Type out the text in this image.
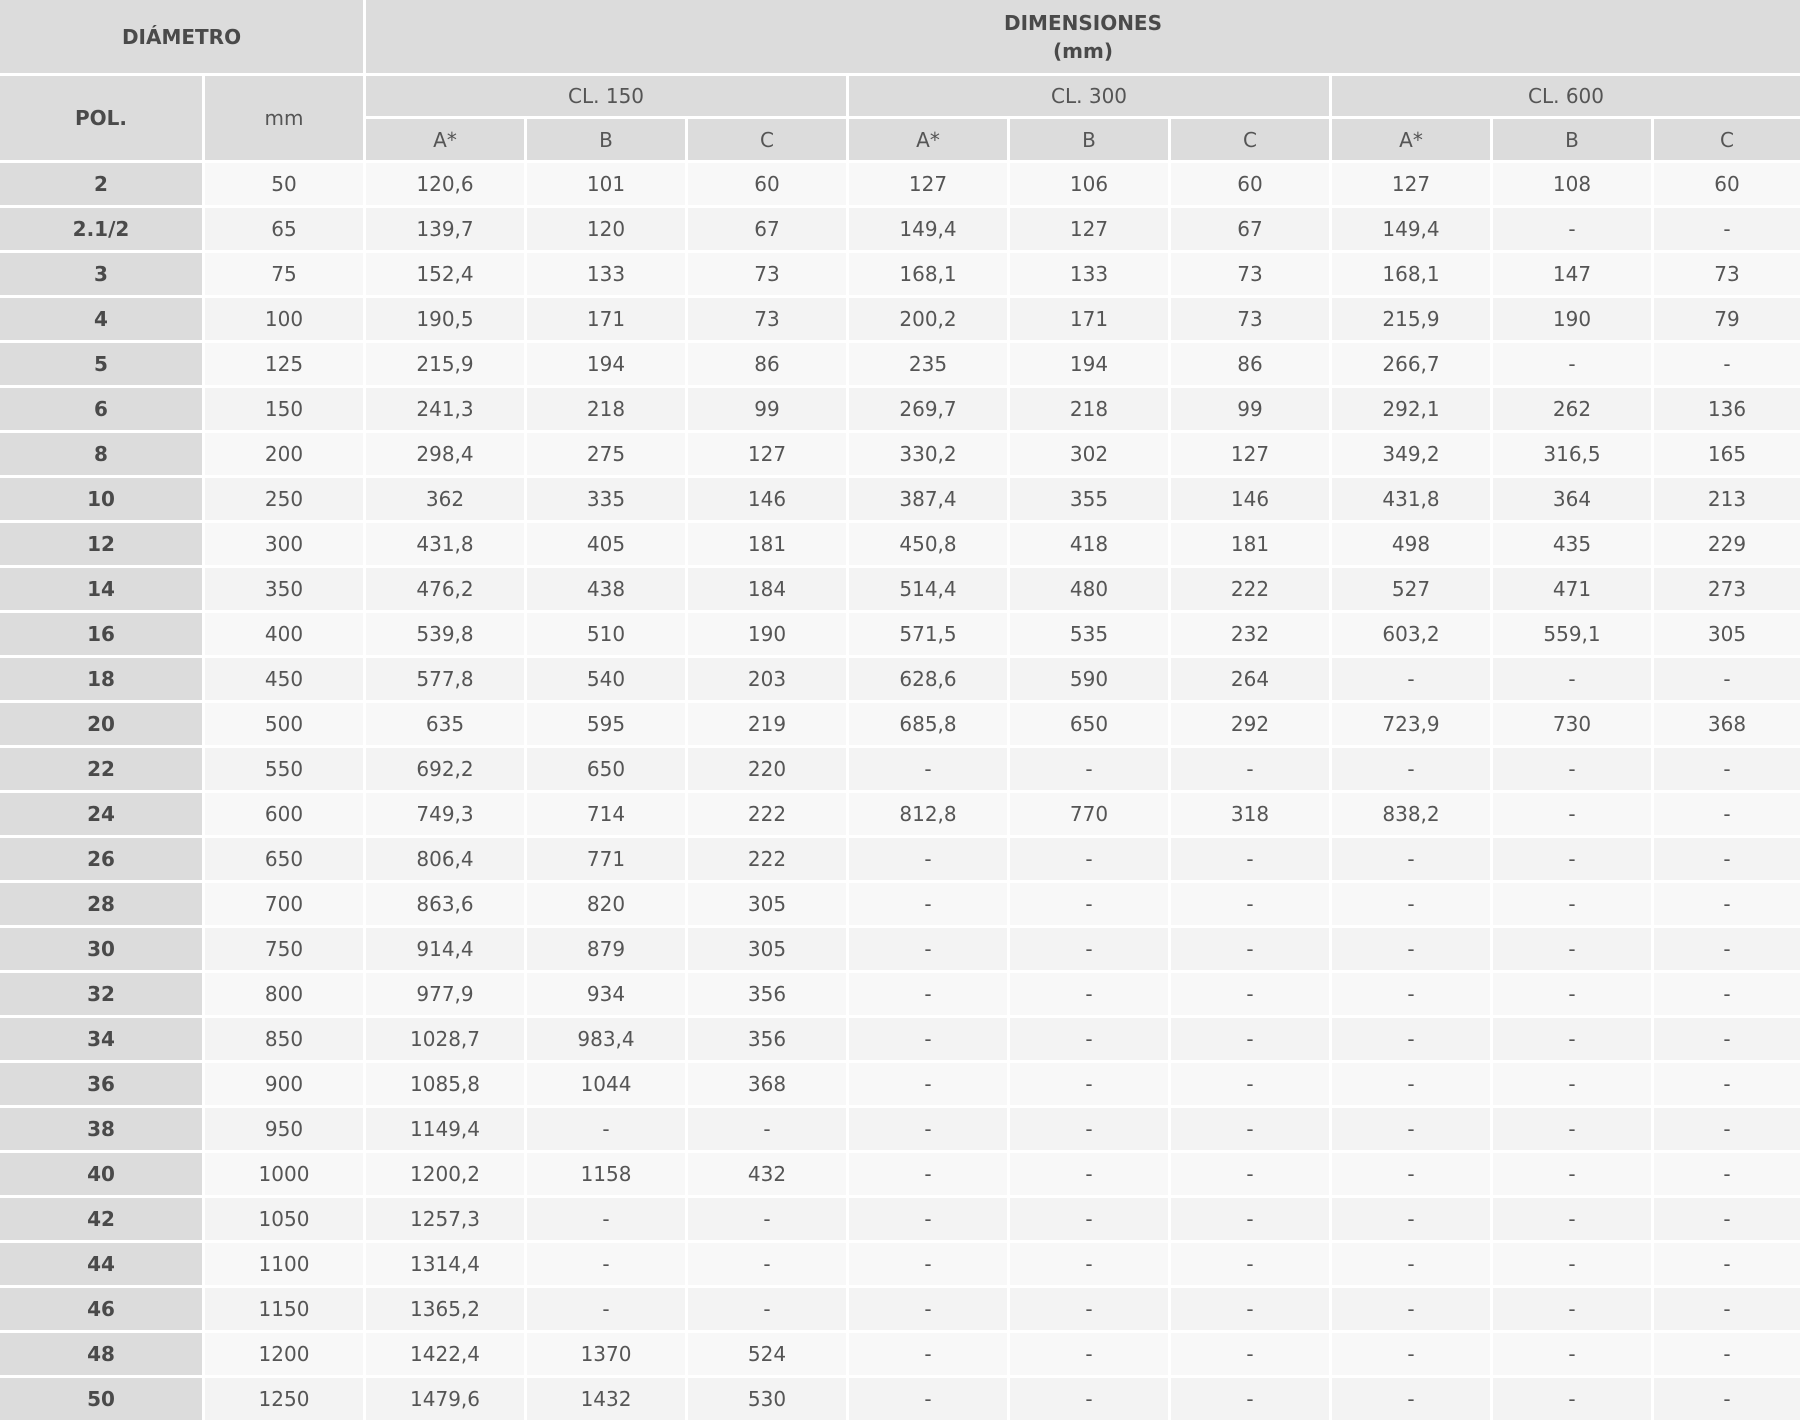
DIÁMETRO		DIMENSIONES
(mm)								
POL.	mm	CL. 150			CL. 300			CL. 600		
		A*	B	C	A*	B	C	A*	B	C
2	50	120,6	101	60	127	106	60	127	108	60
2.1/2	65	139,7	120	67	149,4	127	67	149,4	-	-
3	75	152,4	133	73	168,1	133	73	168,1	147	73
4	100	190,5	171	73	200,2	171	73	215,9	190	79
5	125	215,9	194	86	235	194	86	266,7	-	-
6	150	241,3	218	99	269,7	218	99	292,1	262	136
8	200	298,4	275	127	330,2	302	127	349,2	316,5	165
10	250	362	335	146	387,4	355	146	431,8	364	213
12	300	431,8	405	181	450,8	418	181	498	435	229
14	350	476,2	438	184	514,4	480	222	527	471	273
16	400	539,8	510	190	571,5	535	232	603,2	559,1	305
18	450	577,8	540	203	628,6	590	264	-	-	-
20	500	635	595	219	685,8	650	292	723,9	730	368
22	550	692,2	650	220	-	-	-	-	-	-
24	600	749,3	714	222	812,8	770	318	838,2	-	-
26	650	806,4	771	222	-	-	-	-	-	-
28	700	863,6	820	305	-	-	-	-	-	-
30	750	914,4	879	305	-	-	-	-	-	-
32	800	977,9	934	356	-	-	-	-	-	-
34	850	1028,7	983,4	356	-	-	-	-	-	-
36	900	1085,8	1044	368	-	-	-	-	-	-
38	950	1149,4	-	-	-	-	-	-	-	-
40	1000	1200,2	1158	432	-	-	-	-	-	-
42	1050	1257,3	-	-	-	-	-	-	-	-
44	1100	1314,4	-	-	-	-	-	-	-	-
46	1150	1365,2	-	-	-	-	-	-	-	-
48	1200	1422,4	1370	524	-	-	-	-	-	-
50	1250	1479,6	1432	530	-	-	-	-	-	-
